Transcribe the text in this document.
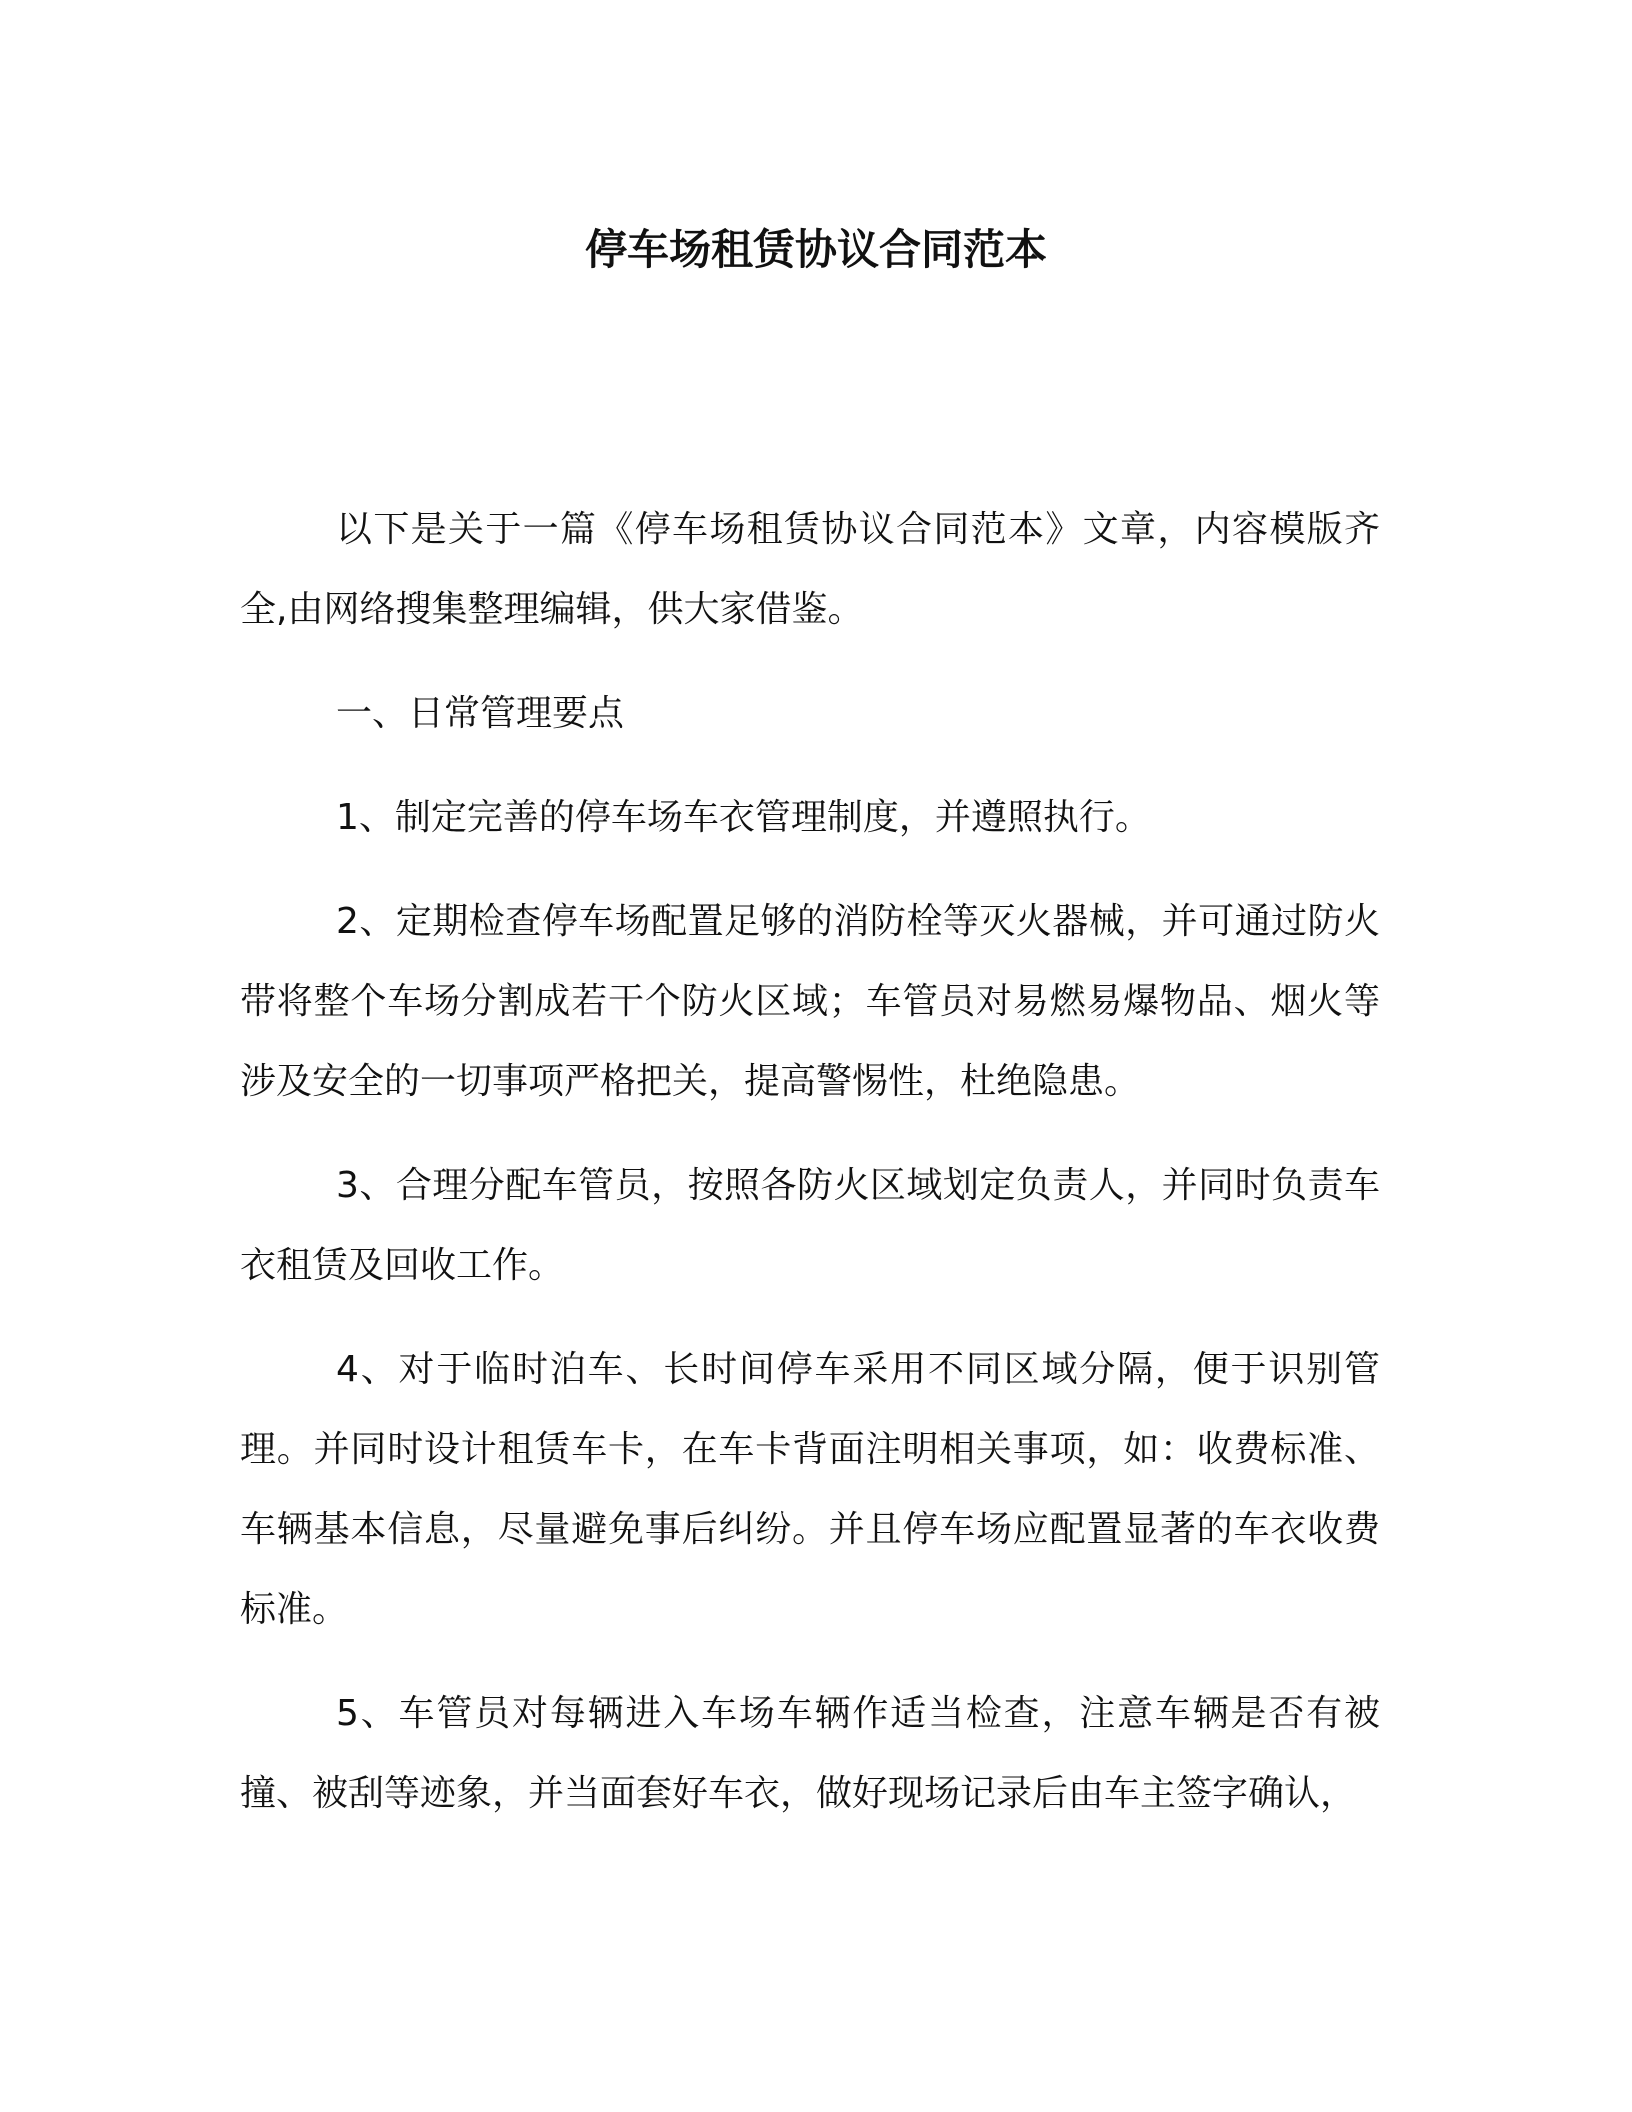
停车场租赁协议合同范本

以下是关于一篇《停车场租赁协议合同范本》文章，内容模版齐全,由网络搜集整理编辑，供大家借鉴。

一、日常管理要点

1、制定完善的停车场车衣管理制度，并遵照执行。

2、定期检查停车场配置足够的消防栓等灭火器械，并可通过防火带将整个车场分割成若干个防火区域；车管员对易燃易爆物品、烟火等涉及安全的一切事项严格把关，提高警惕性，杜绝隐患。

3、合理分配车管员，按照各防火区域划定负责人，并同时负责车衣租赁及回收工作。

4、对于临时泊车、长时间停车采用不同区域分隔，便于识别管理。并同时设计租赁车卡，在车卡背面注明相关事项，如：收费标准、车辆基本信息，尽量避免事后纠纷。并且停车场应配置显著的车衣收费标准。

5、车管员对每辆进入车场车辆作适当检查，注意车辆是否有被撞、被刮等迹象，并当面套好车衣，做好现场记录后由车主签字确认，
